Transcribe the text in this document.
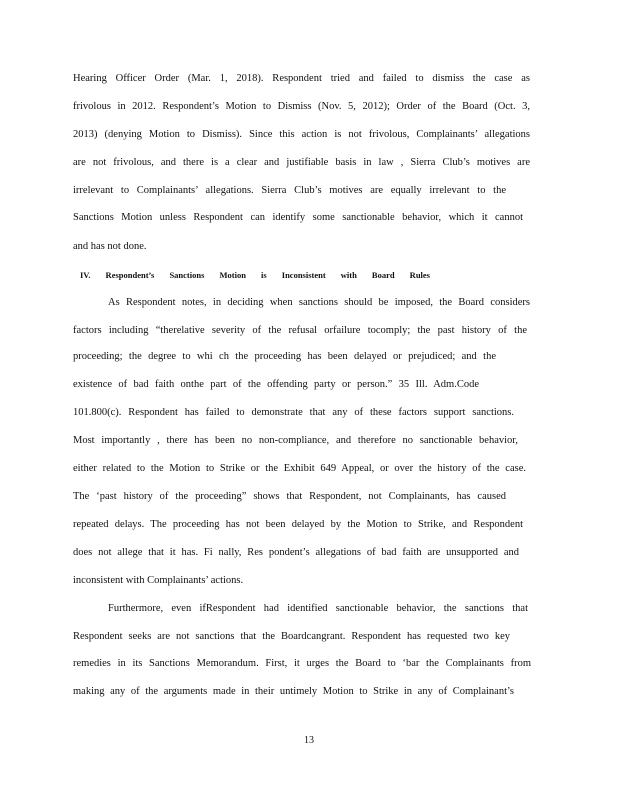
Hearing Officer Order (Mar. 1, 2018). Respondent tried and failed to dismiss the case as
frivolous in 2012. Respondent’s Motion to Dismiss (Nov. 5, 2012); Order of the Board (Oct. 3,
2013) (denying Motion to Dismiss). Since this action is not frivolous, Complainants’ allegations
are not frivolous, and there is a clear and justifiable basis in law , Sierra Club’s motives are
irrelevant to Complainants’ allegations. Sierra Club’s motives are equally irrelevant to the
Sanctions Motion unless Respondent can identify some sanctionable behavior, which it cannot
and has not done.
IV. Respondent’s Sanctions Motion is Inconsistent with Board Rules
As Respondent notes, in deciding when sanctions should be imposed, the Board considers
factors including “therelative severity of the refusal orfailure tocomply; the past history of the
proceeding; the degree to whi ch the proceeding has been delayed or prejudiced; and the
existence of bad faith onthe part of the offending party or person.” 35 Ill. Adm.Code
101.800(c). Respondent has failed to demonstrate that any of these factors support sanctions.
Most importantly , there has been no non-compliance, and therefore no sanctionable behavior,
either related to the Motion to Strike or the Exhibit 649 Appeal, or over the history of the case.
The ‘past history of the proceeding” shows that Respondent, not Complainants, has caused
repeated delays. The proceeding has not been delayed by the Motion to Strike, and Respondent
does not allege that it has. Fi nally, Res pondent’s allegations of bad faith are unsupported and
inconsistent with Complainants’ actions.
Furthermore, even ifRespondent had identified sanctionable behavior, the sanctions that
Respondent seeks are not sanctions that the Boardcangrant. Respondent has requested two key
remedies in its Sanctions Memorandum. First, it urges the Board to ‘bar the Complainants from
making any of the arguments made in their untimely Motion to Strike in any of Complainant’s
13
